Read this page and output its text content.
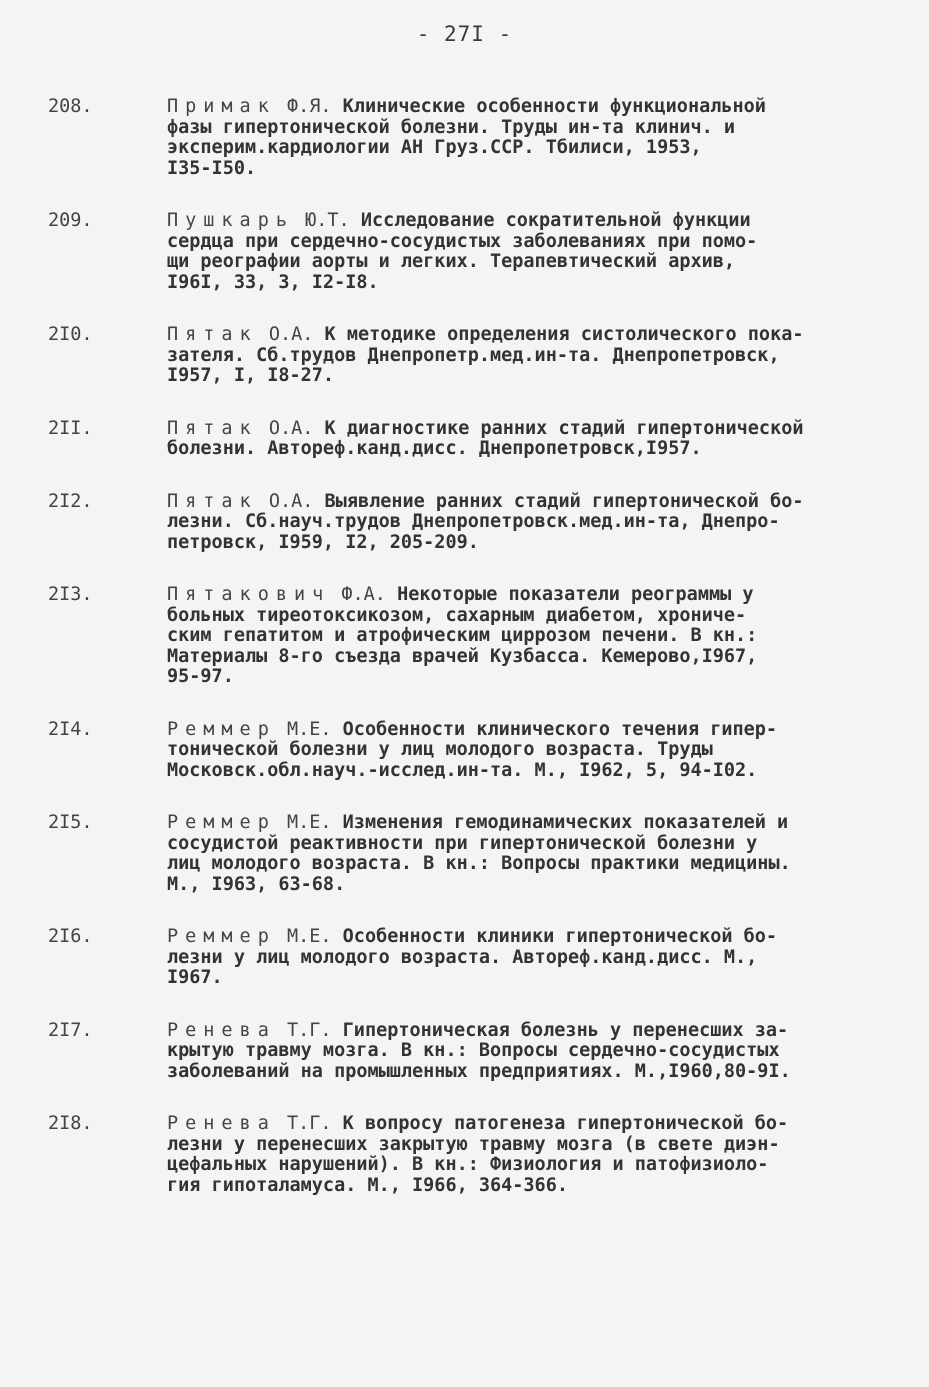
- 27I -
208.	Примак Ф.Я. Клинические особенности функциональной
фазы гипертонической болезни. Труды ин-та клинич. и
эксперим.кардиологии АН Груз.ССР. Тбилиси, 1953,
I35-I50.
209.	Пушкарь Ю.Т. Исследование сократительной функции
сердца при сердечно-сосудистых заболеваниях при помо-
щи реографии аорты и легких. Терапевтический архив,
I96I, 33, 3, I2-I8.
2I0.	Пятак О.А. К методике определения систолического пока-
зателя. Сб.трудов Днепропетр.мед.ин-та. Днепропетровск,
I957, I, I8-27.
2II.	Пятак О.А. К диагностике ранних стадий гипертонической
болезни. Автореф.канд.дисс. Днепропетровск,I957.
2I2.	Пятак О.А. Выявление ранних стадий гипертонической бо-
лезни. Сб.науч.трудов Днепропетровск.мед.ин-та, Днепро-
петровск, I959, I2, 205-209.
2I3.	Пятакович Ф.А. Некоторые показатели реограммы у
больных тиреотоксикозом, сахарным диабетом, хрониче-
ским гепатитом и атрофическим циррозом печени. В кн.:
Материалы 8-го съезда врачей Кузбасса. Кемерово,I967,
95-97.
2I4.	Реммер М.Е. Особенности клинического течения гипер-
тонической болезни у лиц молодого возраста. Труды
Московск.обл.науч.-исслед.ин-та. М., I962, 5, 94-I02.
2I5.	Реммер М.Е. Изменения гемодинамических показателей и
сосудистой реактивности при гипертонической болезни у
лиц молодого возраста. В кн.: Вопросы практики медицины.
М., I963, 63-68.
2I6.	Реммер М.Е. Особенности клиники гипертонической бо-
лезни у лиц молодого возраста. Автореф.канд.дисс. М.,
I967.
2I7.	Ренева Т.Г. Гипертоническая болезнь у перенесших за-
крытую травму мозга. В кн.: Вопросы сердечно-сосудистых
заболеваний на промышленных предприятиях. М.,I960,80-9I.
2I8.	Ренева Т.Г. К вопросу патогенеза гипертонической бо-
лезни у перенесших закрытую травму мозга (в свете диэн-
цефальных нарушений). В кн.: Физиология и патофизиоло-
гия гипоталамуса. М., I966, 364-366.
